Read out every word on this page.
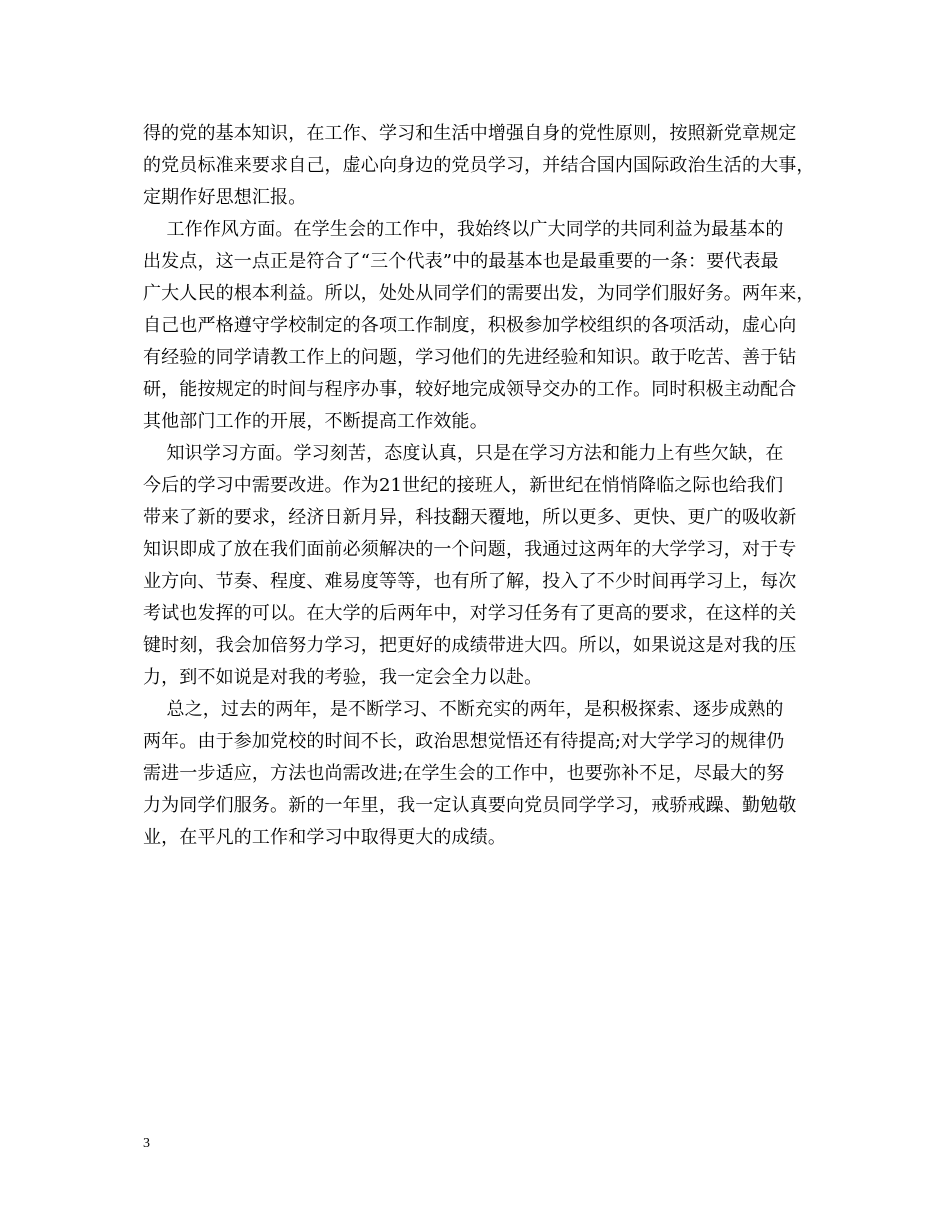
得的党的基本知识，在工作、学习和生活中增强自身的党性原则，按照新党章规定
的党员标准来要求自己，虚心向身边的党员学习，并结合国内国际政治生活的大事，
定期作好思想汇报。
工作作风方面。在学生会的工作中，我始终以广大同学的共同利益为最基本的
出发点，这一点正是符合了“三个代表”中的最基本也是最重要的一条：要代表最
广大人民的根本利益。所以，处处从同学们的需要出发，为同学们服好务。两年来，
自己也严格遵守学校制定的各项工作制度，积极参加学校组织的各项活动，虚心向
有经验的同学请教工作上的问题，学习他们的先进经验和知识。敢于吃苦、善于钻
研，能按规定的时间与程序办事，较好地完成领导交办的工作。同时积极主动配合
其他部门工作的开展，不断提高工作效能。
知识学习方面。学习刻苦，态度认真，只是在学习方法和能力上有些欠缺，在
今后的学习中需要改进。作为21世纪的接班人，新世纪在悄悄降临之际也给我们
带来了新的要求，经济日新月异，科技翻天覆地，所以更多、更快、更广的吸收新
知识即成了放在我们面前必须解决的一个问题，我通过这两年的大学学习，对于专
业方向、节奏、程度、难易度等等，也有所了解，投入了不少时间再学习上，每次
考试也发挥的可以。在大学的后两年中，对学习任务有了更高的要求，在这样的关
键时刻，我会加倍努力学习，把更好的成绩带进大四。所以，如果说这是对我的压
力，到不如说是对我的考验，我一定会全力以赴。
总之，过去的两年，是不断学习、不断充实的两年，是积极探索、逐步成熟的
两年。由于参加党校的时间不长，政治思想觉悟还有待提高;对大学学习的规律仍
需进一步适应，方法也尚需改进;在学生会的工作中，也要弥补不足，尽最大的努
力为同学们服务。新的一年里，我一定认真要向党员同学学习，戒骄戒躁、勤勉敬
业，在平凡的工作和学习中取得更大的成绩。
3
